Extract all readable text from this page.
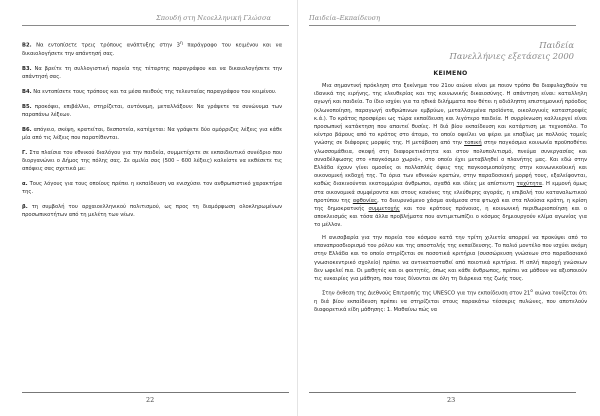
Σπουδή στη Νεοελληνική Γλώσσα

Β2. Να εντοπίσετε τρεις τρόπους ανάπτυξης στην $3^\eta$ παράγραφο του κειμένου και να δικαιολογήσετε την απάντησή σας.

Β3. Να βρείτε τη συλλογιστική πορεία της τέταρτης παραγράφου και να δικαιολογήσετε την απάντησή σας.

Β4. Να εντοπίσετε τους τρόπους και τα μέσα πειθούς της τελευταίας παραγράφου του κειμένου.

Β5. προκόψει, επιβάλλει, στηρίζεται, αυτόνομη, μεταλλάξουν: Να γράψετε τα συνώνυμα των παραπάνω λέξεων.

Β6. απόγειο, σκέψη, κρατείται, δεσποτεία, κατέχεται: Να γράψετε δύο ομόρριζες λέξεις για κάθε μία από τις λέξεις που παρατίθενται.

Γ. Στα πλαίσια του εθνικού διαλόγου για την παιδεία, συμμετέχετε σε εκπαιδευτικό συνέδριο που διοργανώνει ο Δήμος της πόλης σας. Σε ομιλία σας (500 – 600 λέξεις) καλείστε να εκθέσετε τις απόψεις σας σχετικά με:

α. Τους λόγους για τους οποίους πρέπει η εκπαίδευση να ενισχύσει τον ανθρωπιστικό χαρακτήρα της.

β. τη συμβολή του αρχαιοελληνικού πολιτισμού, ως προς τη διαμόρφωση ολοκληρωμένων προσωπικοτήτων από τη μελέτη των νέων.

22
Παιδεία–Εκπαίδευση
Παιδεία
Πανελλήνιες εξετάσεις 2000
ΚΕΙΜΕΝΟ

Μια σημαντική πρόκληση στο ξεκίνημα του 21ου αιώνα είναι με ποιον τρόπο θα διαφυλαχθούν τα ιδανικά της ειρήνης, της ελευθερίας και της κοινωνικής δικαιοσύνης. Η απάντηση είναι: καταλληλη αγωγή και παιδεία. Το ίδιο ισχύει για τα ηθικά διλήμματα που θέτει η αδιάληπτη επιστημονική πρόοδος (κλωνοποίηση, παραγωγή ανθρώπινων εμβρύων, μεταλλαγμένα προϊόντα, οικολογικές καταστροφές κ.ά.). Το κράτος προσφέρει ως τώρα εκπαίδευση και λιγότερο παιδεία. Η συρρίκνωση καλλιεργεί είναι προσωπική κατάκτηση που απαιτεί θυσίες. Η διά βίου εκπαίδευση και κατάρτιση με τεχνοπόλο. Το κέντρο βάρους από το κράτος στο άτομο, το οποίο οφείλει να φέρει με επαξίως με πολλούς τομείς γνώσης σε διάφορες μορφές της. Η μετάβαση από την τοπική στην παγκόσμια κοινωνία προϋποθέτει γλωσσομάθεια, σκοψή στη διαφορετικότητα και στον πολυπολιτισμό, πνεύμα συνεργασίας και συναδέλφωσης στο «παγκόσμιο χωριό», στο οποίο έχει μεταβληθεί ο πλανήτης μας. Και εδώ στην Ελλάδα έχουν γίνει ομοσίες οι πολλαπλές όψεις της παγκοσμιοποίησης στην κοινωνικοϊκική και οικονομική εκδοχή της. Τα όρια των εθνικών κρατών, στην παραδοσιακή μορφή τους, εξαλείφονται, καθώς διακινούνται εκατομμύρια άνθρωποι, αγαθά και ιδέες με απίστευτη ταχύτητα. Η εμμονή όμως στα οικονομικά συμφέροντα και στους κανόνες της ελεύθερης αγοράς, η επιβολή του καταναλωτικού προτύπου της αφθονίας, το διευρυνόμενο χάσμα ανάμεσα στα φτωχά και στα πλούσια κράτη, η κρίση της δημοκρατικής συμμετοχής και του κράτους πρόνοιας, η κοινωνική περιθωριοποίηση και ο αποκλεισμός και τόσα άλλα προβλήματα που αντιμετωπίζει ο κόσμος δημιουργούν κλίμα αγωνίας για το μέλλον.

Η ανισοβαρία για την πορεία του κόσμου κατά την τρίτη χιλιετία απορρεί να προκύψει από το επαναπροσδιορισμό του ρόλου και της αποστολής της εκπαίδευσης. Το παλιό μοντέλο που ισχύει ακόμη στην Ελλάδα και το οποίο στηρίζεται σε ποσοτικά κριτήρια (συσσώρευση γνώσεων στο παραδοσιακό γνωσιοκεντρικό σχολείο) πρέπει να αντικατασταθεί από ποιοτικά κριτήρια. Η απλή παροχή γνώσεων δεν ωφελεί πια. Οι μαθητές και οι φοιτητές, όπως και κάθε άνθρωπος, πρέπει να μάθουν να αξιοποιούν τις ευκαιρίες για μάθηση, που τους δίνονται σε όλη τη διάρκεια της ζωής τους.

Στην έκθεση της Διεθνούς Επιτροπής της UNESCO για την εκπαίδευση στον $21^o$ αιώνα τονίζεται ότι η διά βίου εκπαίδευση πρέπει να στηρίζεται στους παρακάτω τέσσερις πυλώνες, που αποτελούν διαφορετικά είδη μάθησης: 1. Μαθαίνω πώς να

23
